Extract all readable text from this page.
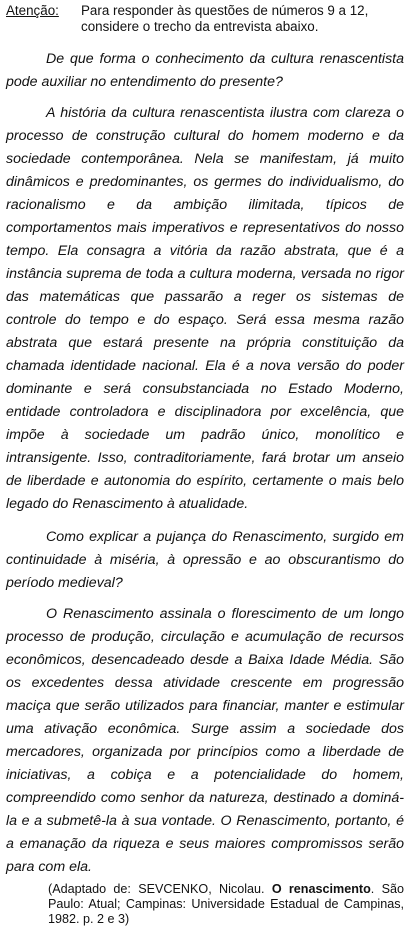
Atenção:	Para responder às questões de números 9 a 12, considere o trecho da entrevista abaixo.

De que forma o conhecimento da cultura renascentista pode auxiliar no entendimento do presente?

A história da cultura renascentista ilustra com clareza o processo de construção cultural do homem moderno e da sociedade contemporânea. Nela se manifestam, já muito dinâmicos e predominantes, os germes do individualismo, do racionalismo e da ambição ilimitada, típicos de comportamentos mais imperativos e representativos do nosso tempo. Ela consagra a vitória da razão abstrata, que é a instância suprema de toda a cultura moderna, versada no rigor das matemáticas que passarão a reger os sistemas de controle do tempo e do espaço. Será essa mesma razão abstrata que estará presente na própria constituição da chamada identidade nacional. Ela é a nova versão do poder dominante e será consubstanciada no Estado Moderno, entidade controladora e disciplinadora por excelência, que impõe à sociedade um padrão único, monolítico e intransigente. Isso, contraditoriamente, fará brotar um anseio de liberdade e autonomia do espírito, certamente o mais belo legado do Renascimento à atualidade.

Como explicar a pujança do Renascimento, surgido em continuidade à miséria, à opressão e ao obscurantismo do período medieval?

O Renascimento assinala o florescimento de um longo processo de produção, circulação e acumulação de recursos econômicos, desencadeado desde a Baixa Idade Média. São os excedentes dessa atividade crescente em progressão maciça que serão utilizados para financiar, manter e estimular uma ativação econômica. Surge assim a sociedade dos mercadores, organizada por princípios como a liberdade de iniciativas, a cobiça e a potencialidade do homem, compreendido como senhor da natureza, destinado a dominá-la e a submetê-la à sua vontade. O Renascimento, portanto, é a emanação da riqueza e seus maiores compromissos serão para com ela.

(Adaptado de: SEVCENKO, Nicolau. O renascimento. São Paulo: Atual; Campinas: Universidade Estadual de Campinas, 1982. p. 2 e 3)
